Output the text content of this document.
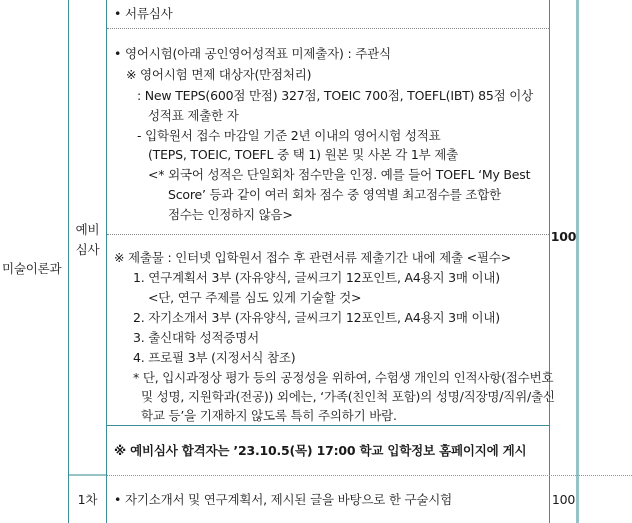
미술이론과
예비
심사
100
• 서류심사
• 영어시험(아래 공인영어성적표 미제출자) : 주관식
※ 영어시험 면제 대상자(만점처리)
: New TEPS(600점 만점) 327점, TOEIC 700점, TOEFL(IBT) 85점 이상
성적표 제출한 자
- 입학원서 접수 마감일 기준 2년 이내의 영어시험 성적표
(TEPS, TOEIC, TOEFL 중 택 1) 원본 및 사본 각 1부 제출
<* 외국어 성적은 단일회차 점수만을 인정. 예를 들어 TOEFL ‘My Best
Score’ 등과 같이 여러 회차 점수 중 영역별 최고점수를 조합한
점수는 인정하지 않음>
※ 제출물 : 인터넷 입학원서 접수 후 관련서류 제출기간 내에 제출 <필수>
1. 연구계획서 3부 (자유양식, 글씨크기 12포인트, A4용지 3매 이내)
<단, 연구 주제를 심도 있게 기술할 것>
2. 자기소개서 3부 (자유양식, 글씨크기 12포인트, A4용지 3매 이내)
3. 출신대학 성적증명서
4. 프로필 3부 (지정서식 참조)
* 단, 입시과정상 평가 등의 공정성을 위하여, 수험생 개인의 인적사항(접수번호
및 성명, 지원학과(전공)) 외에는, ‘가족(친인척 포함)의 성명/직장명/직위/출신
학교 등’을 기재하지 않도록 특히 주의하기 바람.
※ 예비심사 합격자는 ’23.10.5(목) 17:00 학교 입학정보 홈페이지에 게시
1차	• 자기소개서 및 연구계획서, 제시된 글을 바탕으로 한 구술시험	100
